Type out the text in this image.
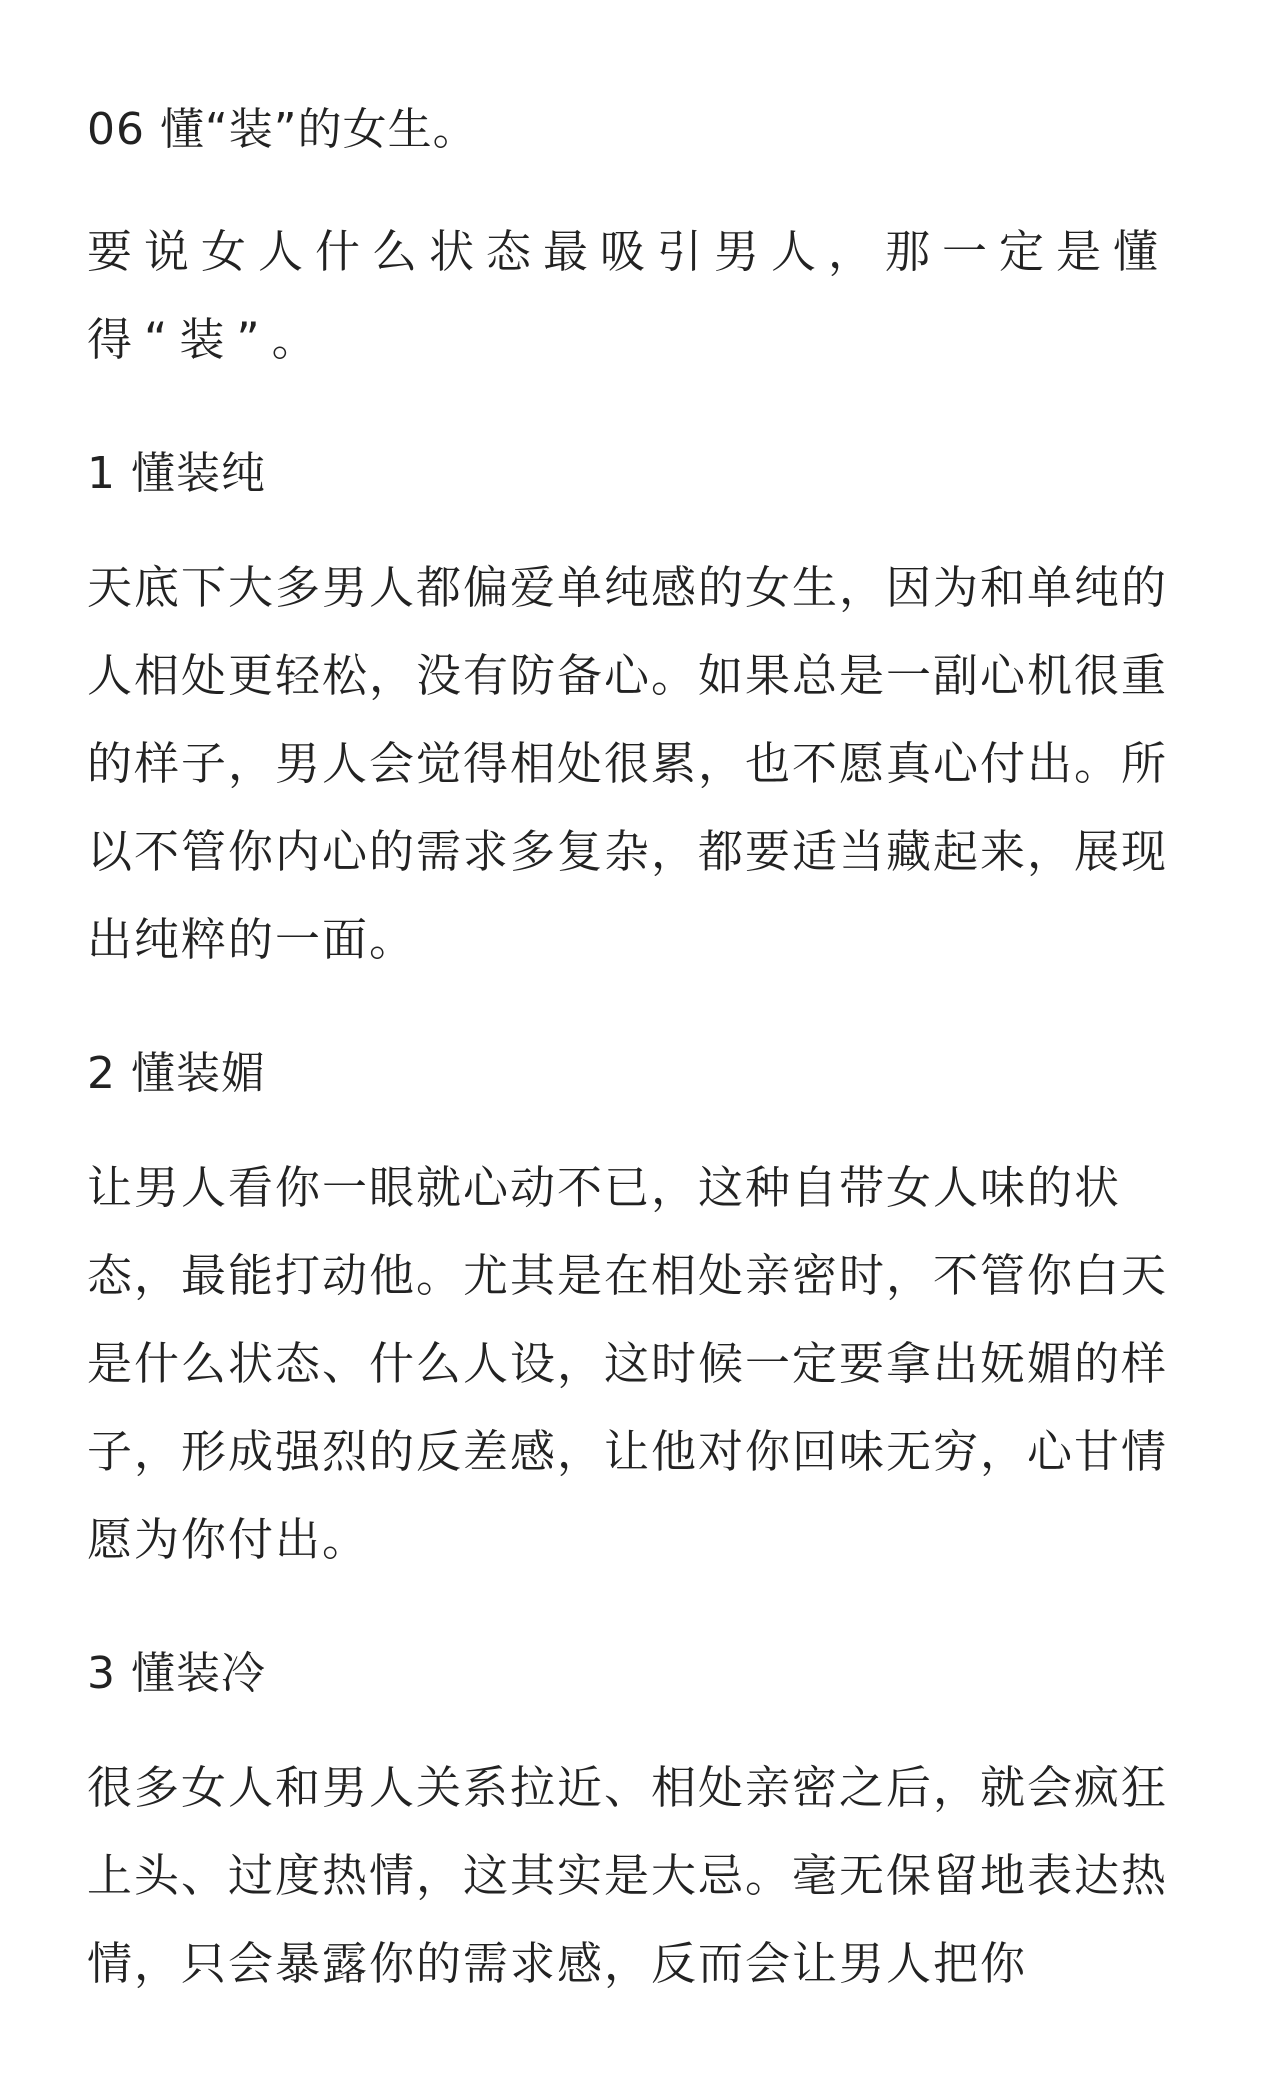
06 懂“装”的女生。
要说女人什么状态最吸引男人，那一定是懂得“装”。
1 懂装纯
天底下大多男人都偏爱单纯感的女生，因为和单纯的人相处更轻松，没有防备心。如果总是一副心机很重的样子，男人会觉得相处很累，也不愿真心付出。所以不管你内心的需求多复杂，都要适当藏起来，展现出纯粹的一面。
2 懂装媚
让男人看你一眼就心动不已，这种自带女人味的状态，最能打动他。尤其是在相处亲密时，不管你白天是什么状态、什么人设，这时候一定要拿出妩媚的样子，形成强烈的反差感，让他对你回味无穷，心甘情愿为你付出。
3 懂装冷
很多女人和男人关系拉近、相处亲密之后，就会疯狂上头、过度热情，这其实是大忌。毫无保留地表达热情，只会暴露你的需求感，反而会让男人把你
